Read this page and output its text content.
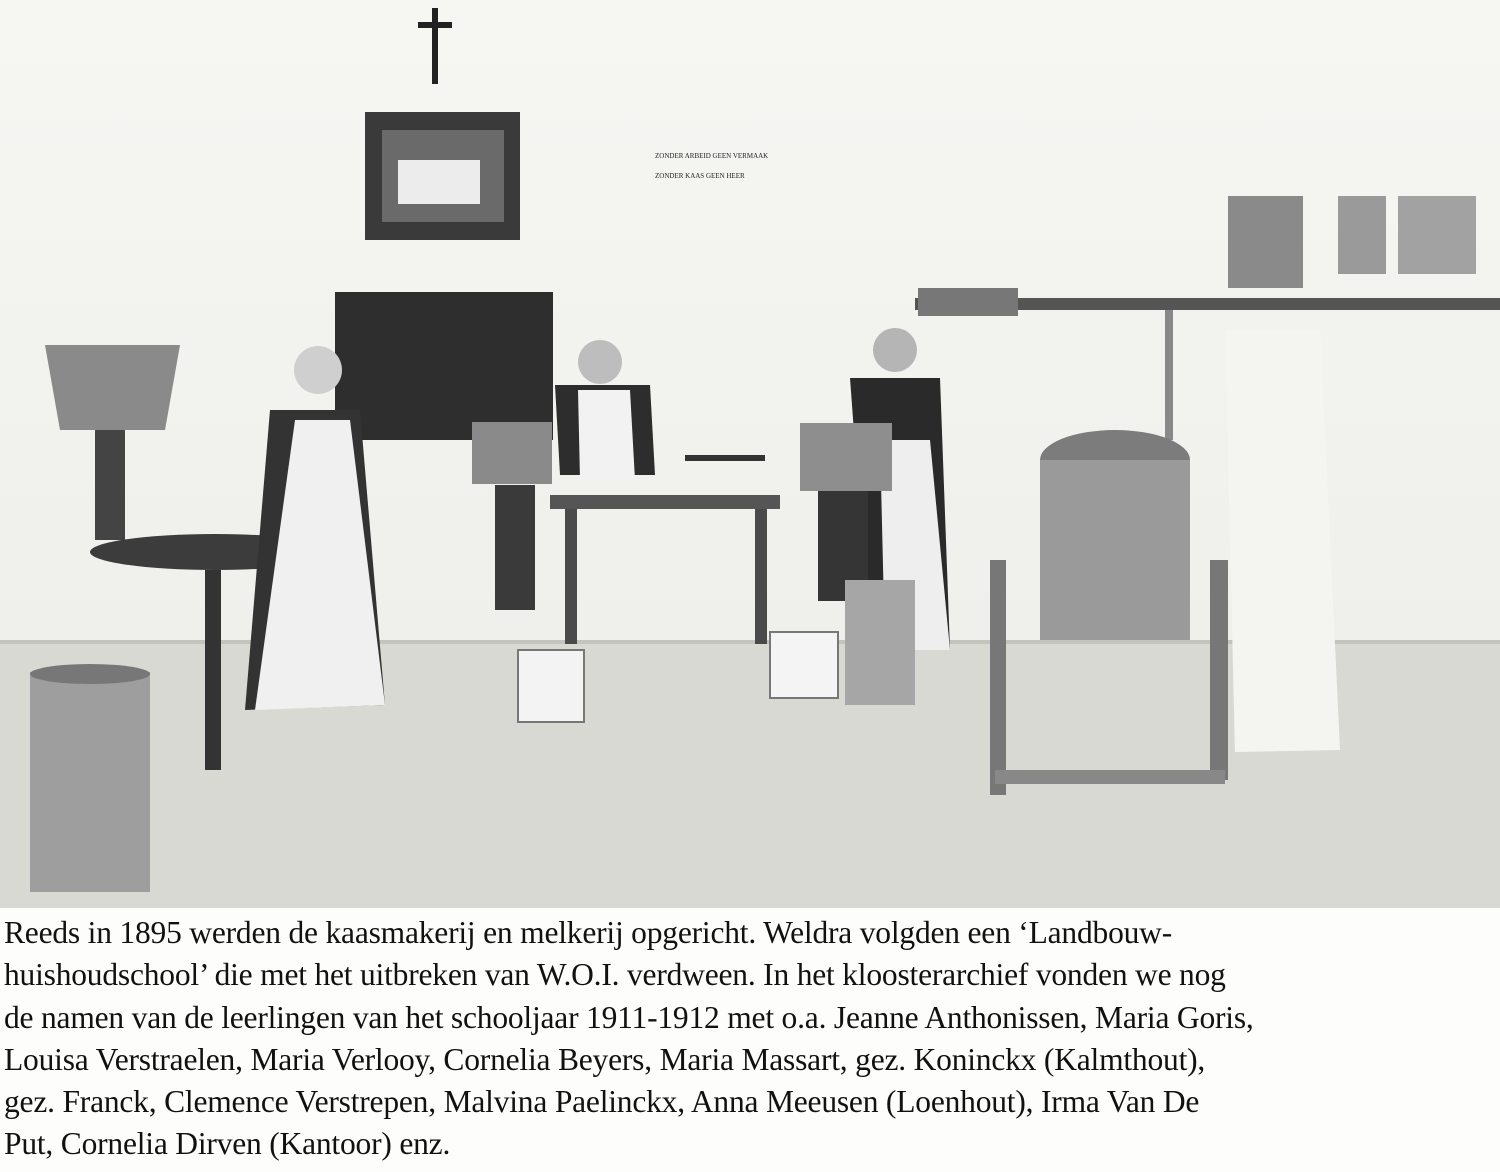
ZONDER ARBEID GEEN VERMAAK
ZONDER KAAS GEEN HEER
Reeds in 1895 werden de kaasmakerij en melkerij opgericht. Weldra volgden een ‘Landbouw-
huishoudschool’ die met het uitbreken van W.O.I. verdween. In het kloosterarchief vonden we nog
de namen van de leerlingen van het schooljaar 1911-1912 met o.a. Jeanne Anthonissen, Maria Goris,
Louisa Verstraelen, Maria Verlooy, Cornelia Beyers, Maria Massart, gez. Koninckx (Kalmthout),
gez. Franck, Clemence Verstrepen, Malvina Paelinckx, Anna Meeusen (Loenhout), Irma Van De
Put, Cornelia Dirven (Kantoor) enz.
